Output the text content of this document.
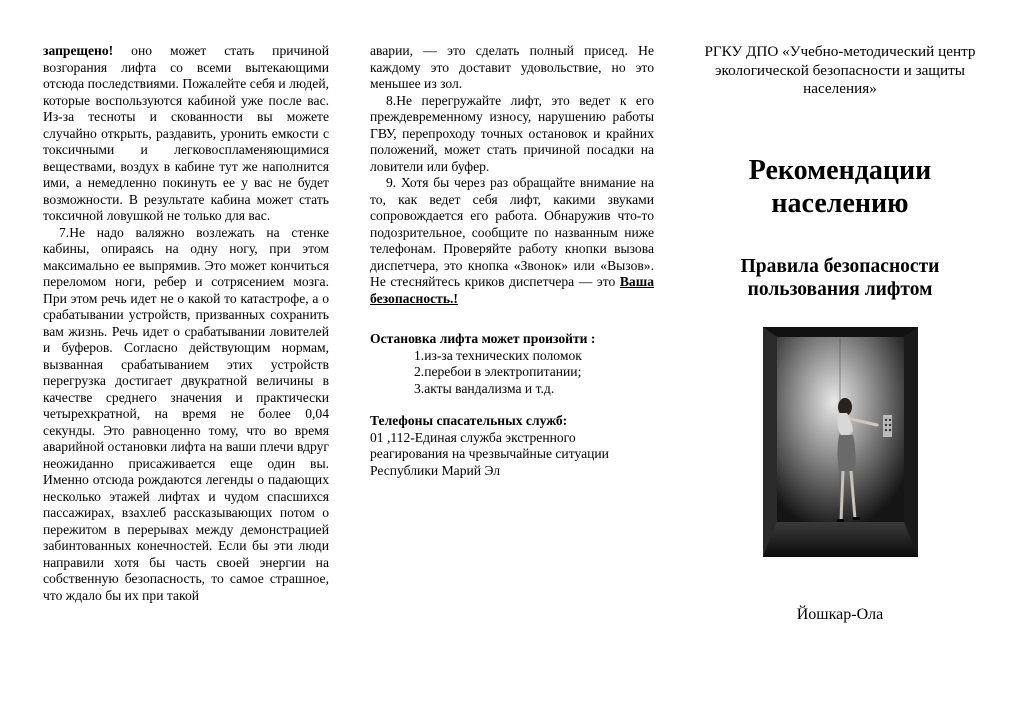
запрещено! оно может стать причиной возгорания лифта со всеми вытекающими отсюда последствиями. Пожалейте себя и людей, которые воспользуются кабиной уже после вас. Из-за тесноты и скованности вы можете случайно открыть, раздавить, уронить емкости с токсичными и легковоспламеняющимися веществами, воздух в кабине тут же наполнится ими, а немедленно покинуть ее у вас не будет возможности. В результате кабина может стать токсичной ловушкой не только для вас.

7.Не надо валяжно возлежать на стенке кабины, опираясь на одну ногу, при этом максимально ее выпрямив. Это может кончиться переломом ноги, ребер и сотрясением мозга. При этом речь идет не о какой то катастрофе, а о срабатывании устройств, призванных сохранить вам жизнь. Речь идет о срабатывании ловителей и буферов. Согласно действующим нормам, вызванная срабатыванием этих устройств перегрузка достигает двукратной величины в качестве среднего значения и практически четырехкратной, на время не более 0,04 секунды. Это равноценно тому, что во время аварийной остановки лифта на ваши плечи вдруг неожиданно присаживается еще один вы. Именно отсюда рождаются легенды о падающих несколько этажей лифтах и чудом спасшихся пассажирах, взахлеб рассказывающих потом о пережитом в перерывах между демонстрацией забинтованных конечностей. Если бы эти люди направили хотя бы часть своей энергии на собственную безопасность, то самое страшное, что ждало бы их при такой

аварии, — это сделать полный присед. Не каждому это доставит удовольствие, но это меньшее из зол.

8.Не перегружайте лифт, это ведет к его преждевременному износу, нарушению работы ГВУ, перепроходу точных остановок и крайних положений, может стать причиной посадки на ловители или буфер.

9. Хотя бы через раз обращайте внимание на то, как ведет себя лифт, какими звуками сопровождается его работа. Обнаружив что-то подозрительное, сообщите по названным ниже телефонам. Проверяйте работу кнопки вызова диспетчера, это кнопка «Звонок» или «Вызов». Не стесняйтесь криков диспетчера — это Ваша безопасность.!

Остановка лифта может произойти :

1.из-за технических поломок

2.перебои в электропитании;

3.акты вандализма и т.д.

Телефоны спасательных служб:

01 ,112-Единая служба экстренного реагирования на чрезвычайные ситуации Республики Марий Эл

РГКУ ДПО «Учебно-методический центр экологической безопасности и защиты населения»

Рекомендации населению

Правила безопасности пользования лифтом

Йошкар-Ола
